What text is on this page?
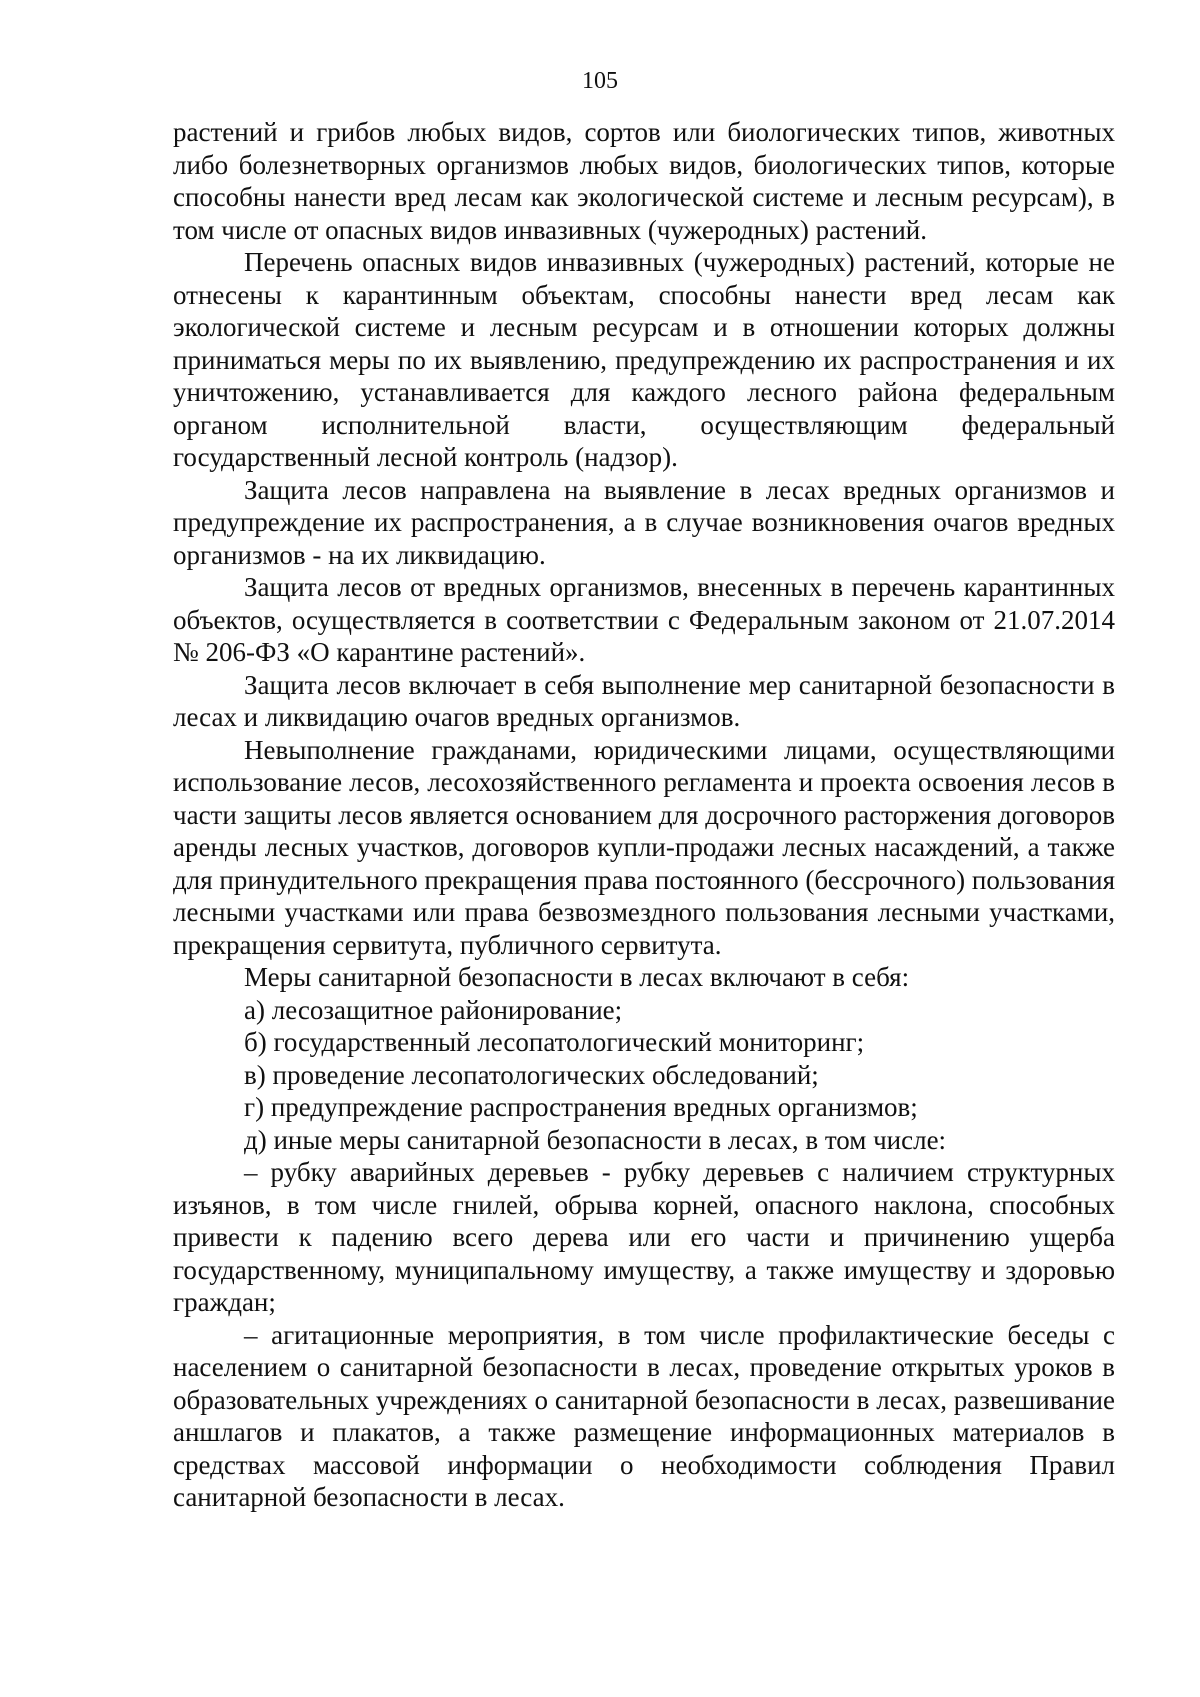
105

растений и грибов любых видов, сортов или биологических типов, животных либо болезнетворных организмов любых видов, биологических типов, которые способны нанести вред лесам как экологической системе и лесным ресурсам), в том числе от опасных видов инвазивных (чужеродных) растений.

Перечень опасных видов инвазивных (чужеродных) растений, которые не отнесены к карантинным объектам, способны нанести вред лесам как экологической системе и лесным ресурсам и в отношении которых должны приниматься меры по их выявлению, предупреждению их распространения и их уничтожению, устанавливается для каждого лесного района федеральным органом исполнительной власти, осуществляющим федеральный государственный лесной контроль (надзор).

Защита лесов направлена на выявление в лесах вредных организмов и предупреждение их распространения, а в случае возникновения очагов вредных организмов - на их ликвидацию.

Защита лесов от вредных организмов, внесенных в перечень карантинных объектов, осуществляется в соответствии с Федеральным законом от 21.07.2014 № 206-ФЗ «О карантине растений».

Защита лесов включает в себя выполнение мер санитарной безопасности в лесах и ликвидацию очагов вредных организмов.

Невыполнение гражданами, юридическими лицами, осуществляющими использование лесов, лесохозяйственного регламента и проекта освоения лесов в части защиты лесов является основанием для досрочного расторжения договоров аренды лесных участков, договоров купли-продажи лесных насаждений, а также для принудительного прекращения права постоянного (бессрочного) пользования лесными участками или права безвозмездного пользования лесными участками, прекращения сервитута, публичного сервитута.

Меры санитарной безопасности в лесах включают в себя:

а) лесозащитное районирование;

б) государственный лесопатологический мониторинг;

в) проведение лесопатологических обследований;

г) предупреждение распространения вредных организмов;

д) иные меры санитарной безопасности в лесах, в том числе:

– рубку аварийных деревьев - рубку деревьев с наличием структурных изъянов, в том числе гнилей, обрыва корней, опасного наклона, способных привести к падению всего дерева или его части и причинению ущерба государственному, муниципальному имуществу, а также имуществу и здоровью граждан;

– агитационные мероприятия, в том числе профилактические беседы с населением о санитарной безопасности в лесах, проведение открытых уроков в образовательных учреждениях о санитарной безопасности в лесах, развешивание аншлагов и плакатов, а также размещение информационных материалов в средствах массовой информации о необходимости соблюдения Правил санитарной безопасности в лесах.
